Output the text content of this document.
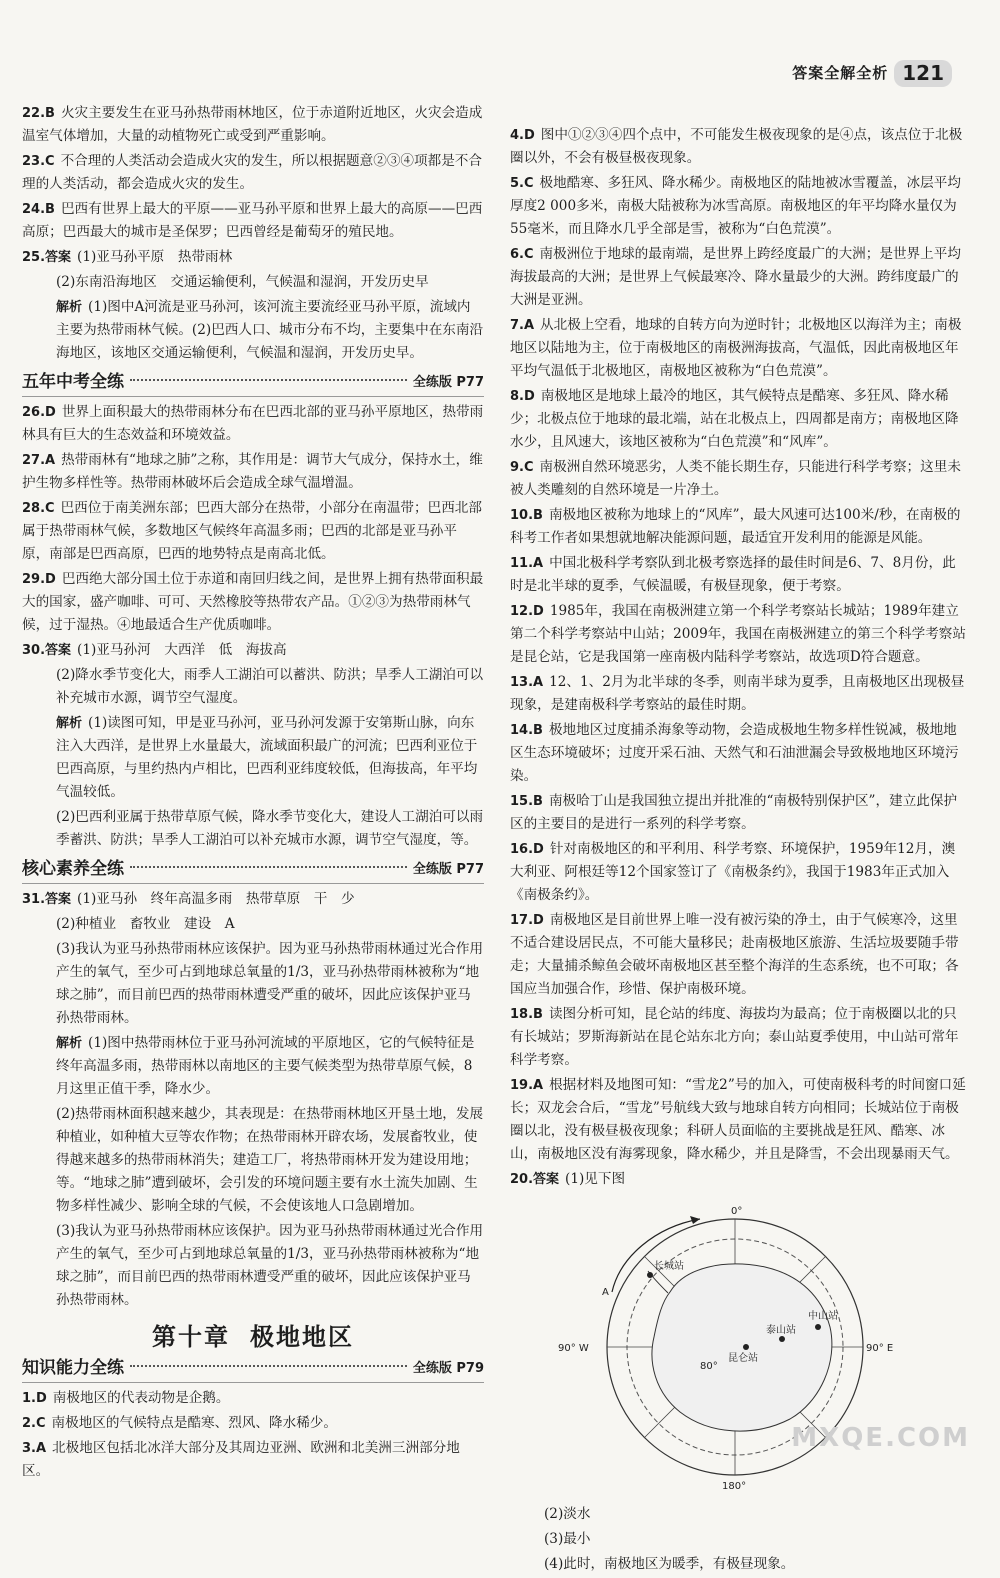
答案全解全析 121
22.B 火灾主要发生在亚马孙热带雨林地区，位于赤道附近地区，火灾会造成温室气体增加，大量的动植物死亡或受到严重影响。
23.C 不合理的人类活动会造成火灾的发生，所以根据题意②③④项都是不合理的人类活动，都会造成火灾的发生。
24.B 巴西有世界上最大的平原——亚马孙平原和世界上最大的高原——巴西高原；巴西最大的城市是圣保罗；巴西曾经是葡萄牙的殖民地。
25.答案 (1)亚马孙平原　热带雨林
(2)东南沿海地区　交通运输便利，气候温和湿润，开发历史早
解析 (1)图中A河流是亚马孙河，该河流主要流经亚马孙平原，流域内主要为热带雨林气候。(2)巴西人口、城市分布不均，主要集中在东南沿海地区，该地区交通运输便利，气候温和湿润，开发历史早。
五年中考全练	全练版 P77
26.D 世界上面积最大的热带雨林分布在巴西北部的亚马孙平原地区，热带雨林具有巨大的生态效益和环境效益。
27.A 热带雨林有“地球之肺”之称，其作用是：调节大气成分，保持水土，维护生物多样性等。热带雨林破坏后会造成全球气温增温。
28.C 巴西位于南美洲东部；巴西大部分在热带，小部分在南温带；巴西北部属于热带雨林气候，多数地区气候终年高温多雨；巴西的北部是亚马孙平原，南部是巴西高原，巴西的地势特点是南高北低。
29.D 巴西绝大部分国土位于赤道和南回归线之间，是世界上拥有热带面积最大的国家，盛产咖啡、可可、天然橡胶等热带农产品。①②③为热带雨林气候，过于湿热。④地最适合生产优质咖啡。
30.答案 (1)亚马孙河　大西洋　低　海拔高
(2)降水季节变化大，雨季人工湖泊可以蓄洪、防洪；旱季人工湖泊可以补充城市水源，调节空气湿度。
解析 (1)读图可知，甲是亚马孙河，亚马孙河发源于安第斯山脉，向东注入大西洋，是世界上水量最大，流域面积最广的河流；巴西利亚位于巴西高原，与里约热内卢相比，巴西利亚纬度较低，但海拔高，年平均气温较低。
(2)巴西利亚属于热带草原气候，降水季节变化大，建设人工湖泊可以雨季蓄洪、防洪；旱季人工湖泊可以补充城市水源，调节空气湿度，等。
核心素养全练	全练版 P77
31.答案 (1)亚马孙　终年高温多雨　热带草原　干　少
(2)种植业　畜牧业　建设　A
(3)我认为亚马孙热带雨林应该保护。因为亚马孙热带雨林通过光合作用产生的氧气，至少可占到地球总氧量的1/3，亚马孙热带雨林被称为“地球之肺”，而目前巴西的热带雨林遭受严重的破坏，因此应该保护亚马孙热带雨林。
解析 (1)图中热带雨林位于亚马孙河流域的平原地区，它的气候特征是终年高温多雨，热带雨林以南地区的主要气候类型为热带草原气候，8月这里正值干季，降水少。
(2)热带雨林面积越来越少，其表现是：在热带雨林地区开垦土地，发展种植业，如种植大豆等农作物；在热带雨林开辟农场，发展畜牧业，使得越来越多的热带雨林消失；建造工厂，将热带雨林开发为建设用地；等。“地球之肺”遭到破坏，会引发的环境问题主要有水土流失加剧、生物多样性减少、影响全球的气候，不会使该地人口急剧增加。
(3)我认为亚马孙热带雨林应该保护。因为亚马孙热带雨林通过光合作用产生的氧气，至少可占到地球总氧量的1/3，亚马孙热带雨林被称为“地球之肺”，而目前巴西的热带雨林遭受严重的破坏，因此应该保护亚马孙热带雨林。
第十章 极地地区
知识能力全练	全练版 P79
1.D 南极地区的代表动物是企鹅。
2.C 南极地区的气候特点是酷寒、烈风、降水稀少。
3.A 北极地区包括北冰洋大部分及其周边亚洲、欧洲和北美洲三洲部分地区。
4.D 图中①②③④四个点中，不可能发生极夜现象的是④点，该点位于北极圈以外，不会有极昼极夜现象。
5.C 极地酷寒、多狂风、降水稀少。南极地区的陆地被冰雪覆盖，冰层平均厚度2 000多米，南极大陆被称为冰雪高原。南极地区的年平均降水量仅为55毫米，而且降水几乎全部是雪，被称为“白色荒漠”。
6.C 南极洲位于地球的最南端，是世界上跨经度最广的大洲；是世界上平均海拔最高的大洲；是世界上气候最寒冷、降水量最少的大洲。跨纬度最广的大洲是亚洲。
7.A 从北极上空看，地球的自转方向为逆时针；北极地区以海洋为主；南极地区以陆地为主，位于南极地区的南极洲海拔高，气温低，因此南极地区年平均气温低于北极地区，南极地区被称为“白色荒漠”。
8.D 南极地区是地球上最冷的地区，其气候特点是酷寒、多狂风、降水稀少；北极点位于地球的最北端，站在北极点上，四周都是南方；南极地区降水少，且风速大，该地区被称为“白色荒漠”和“风库”。
9.C 南极洲自然环境恶劣，人类不能长期生存，只能进行科学考察；这里未被人类雕刻的自然环境是一片净土。
10.B 南极地区被称为地球上的“风库”，最大风速可达100米/秒，在南极的科考工作者如果想就地解决能源问题，最适宜开发利用的能源是风能。
11.A 中国北极科学考察队到北极考察选择的最佳时间是6、7、8月份，此时是北半球的夏季，气候温暖，有极昼现象，便于考察。
12.D 1985年，我国在南极洲建立第一个科学考察站长城站；1989年建立第二个科学考察站中山站；2009年，我国在南极洲建立的第三个科学考察站是昆仑站，它是我国第一座南极内陆科学考察站，故选项D符合题意。
13.A 12、1、2月为北半球的冬季，则南半球为夏季，且南极地区出现极昼现象，是建南极科学考察站的最佳时期。
14.B 极地地区过度捕杀海象等动物，会造成极地生物多样性锐减，极地地区生态环境破坏；过度开采石油、天然气和石油泄漏会导致极地地区环境污染。
15.B 南极哈丁山是我国独立提出并批准的“南极特别保护区”，建立此保护区的主要目的是进行一系列的科学考察。
16.D 针对南极地区的和平利用、科学考察、环境保护，1959年12月，澳大利亚、阿根廷等12个国家签订了《南极条约》，我国于1983年正式加入《南极条约》。
17.D 南极地区是目前世界上唯一没有被污染的净土，由于气候寒冷，这里不适合建设居民点，不可能大量移民；赴南极地区旅游、生活垃圾要随手带走；大量捕杀鲸鱼会破坏南极地区甚至整个海洋的生态系统，也不可取；各国应当加强合作，珍惜、保护南极环境。
18.B 读图分析可知，昆仑站的纬度、海拔均为最高；位于南极圈以北的只有长城站；罗斯海新站在昆仑站东北方向；泰山站夏季使用，中山站可常年科学考察。
19.A 根据材料及地图可知：“雪龙2”号的加入，可使南极科考的时间窗口延长；双龙会合后，“雪龙”号航线大致与地球自转方向相同；长城站位于南极圈以北，没有极昼极夜现象；科研人员面临的主要挑战是狂风、酷寒、冰山，南极地区没有海雾现象，降水稀少，并且是降雪，不会出现暴雨天气。
20.答案 (1)见下图
0°
180°
90° W	90° E
A
80°
长城站
昆仑站
泰山站
中山站
(2)淡水
(3)最小
(4)此时，南极地区为暖季，有极昼现象。
MXQE.COM
